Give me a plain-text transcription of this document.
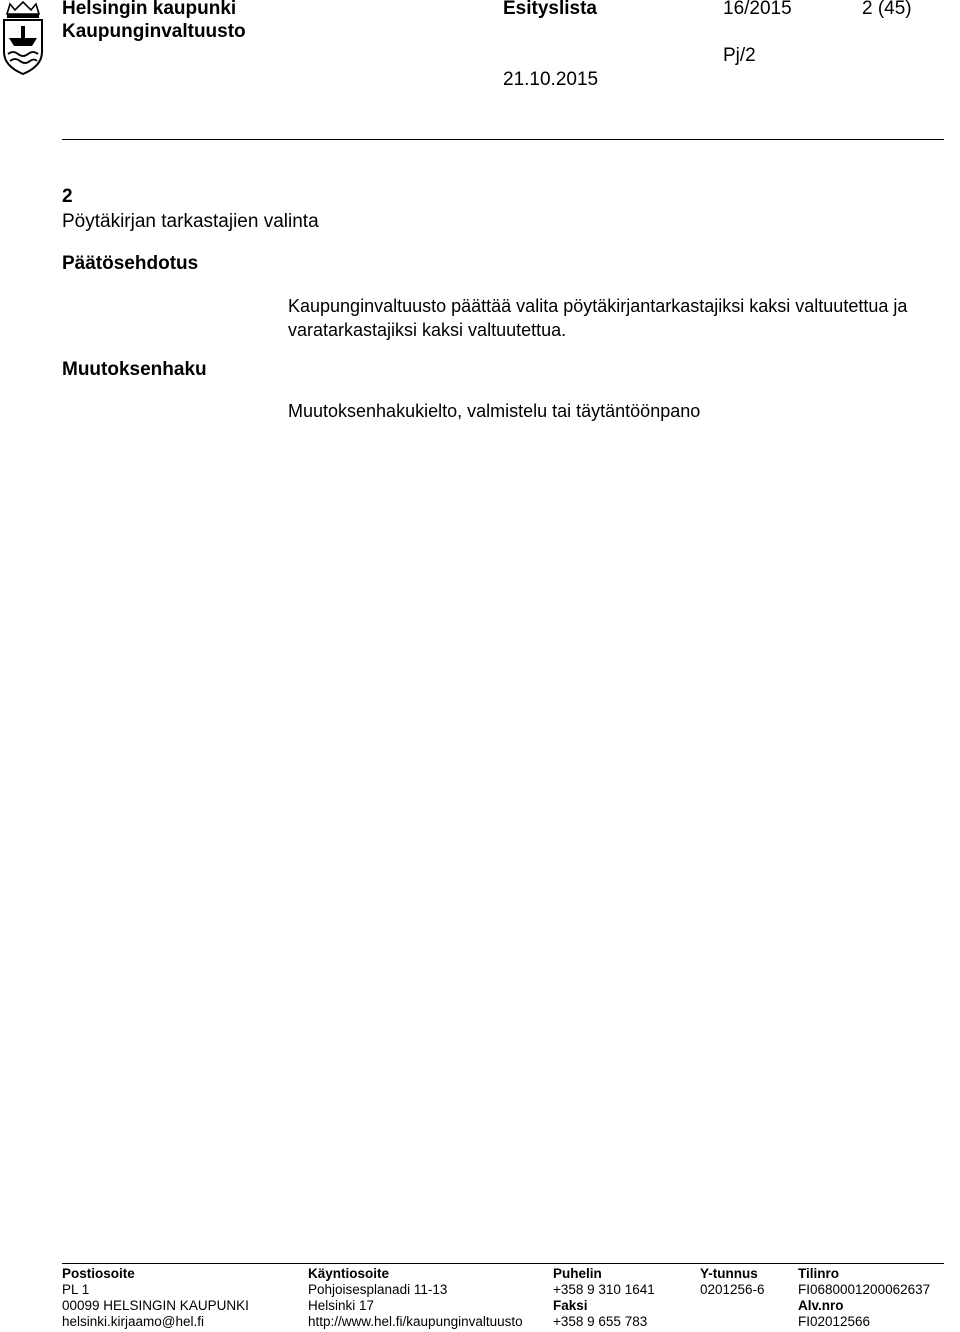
Helsingin kaupunki
Kaupunginvaltuusto
Esityslista	16/2015	2 (45)
Pj/2
21.10.2015
2
Pöytäkirjan tarkastajien valinta
Päätösehdotus
Kaupunginvaltuusto päättää valita pöytäkirjantarkastajiksi kaksi valtuutettua ja varatarkastajiksi kaksi valtuutettua.
Muutoksenhaku
Muutoksenhakukielto, valmistelu tai täytäntöönpano
Postiosoite
PL 1
00099 HELSINGIN KAUPUNKI
helsinki.kirjaamo@hel.fi
Käyntiosoite
Pohjoisesplanadi 11-13
Helsinki 17
http://www.hel.fi/kaupunginvaltuusto
Puhelin
+358 9 310 1641
Faksi
+358 9 655 783
Y-tunnus
0201256-6
Tilinro
FI0680001200062637
Alv.nro
FI02012566
